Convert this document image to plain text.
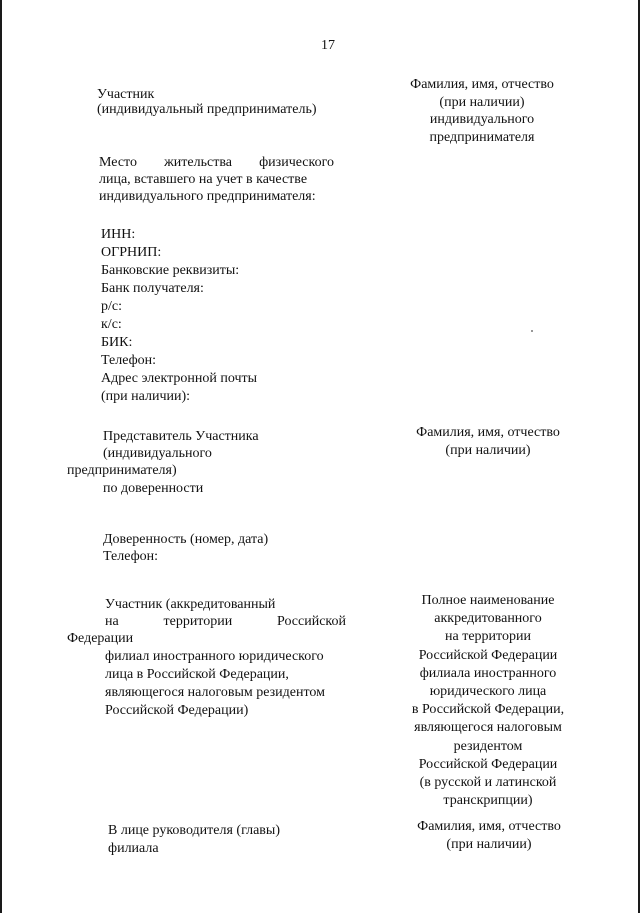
17
Участник
(индивидуальный предприниматель)
Фамилия, имя, отчество
(при наличии)
индивидуального
предпринимателя
Место жительства физического
лица, вставшего на учет в качестве
индивидуального предпринимателя:
ИНН:
ОГРНИП:
Банковские реквизиты:
Банк получателя:
р/с:
к/с:
БИК:
Телефон:
Адрес электронной почты
(при наличии):
Представитель Участника
(индивидуального
предпринимателя)
по доверенности
Фамилия, имя, отчество
(при наличии)
Доверенность (номер, дата)
Телефон:
Участник (аккредитованный
на	территории	Российской
Федерации
филиал иностранного юридического
лица в Российской Федерации,
являющегося налоговым резидентом
Российской Федерации)
Полное наименование
аккредитованного
на территории
Российской Федерации
филиала иностранного
юридического лица
в Российской Федерации,
являющегося налоговым
резидентом
Российской Федерации
(в русской и латинской
транскрипции)
В лице руководителя (главы)
филиала
Фамилия, имя, отчество
(при наличии)
